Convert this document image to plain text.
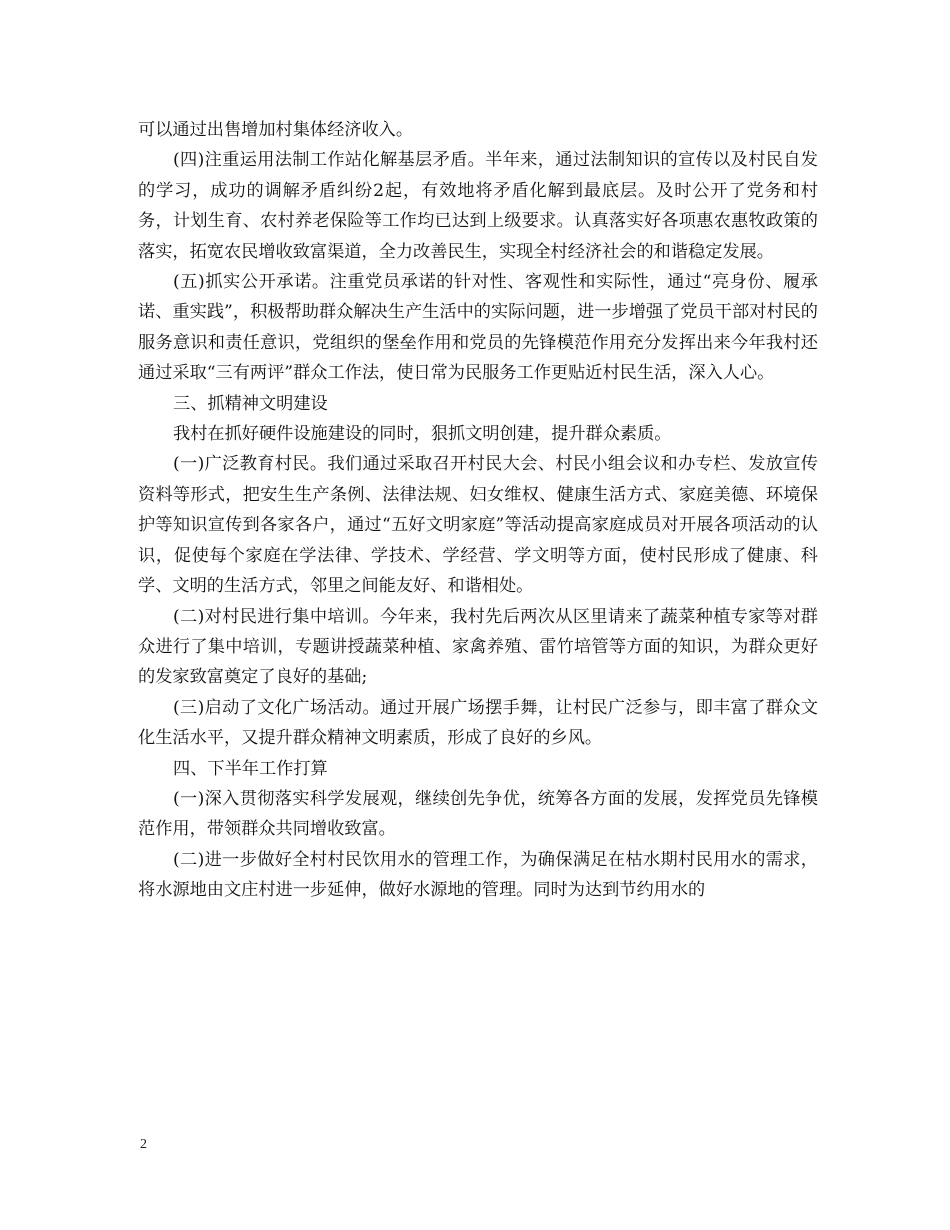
可以通过出售增加村集体经济收入。

(四)注重运用法制工作站化解基层矛盾。半年来，通过法制知识的宣传以及村民自发的学习，成功的调解矛盾纠纷2起，有效地将矛盾化解到最底层。及时公开了党务和村务，计划生育、农村养老保险等工作均已达到上级要求。认真落实好各项惠农惠牧政策的落实，拓宽农民增收致富渠道，全力改善民生，实现全村经济社会的和谐稳定发展。

(五)抓实公开承诺。注重党员承诺的针对性、客观性和实际性，通过“亮身份、履承诺、重实践”，积极帮助群众解决生产生活中的实际问题，进一步增强了党员干部对村民的服务意识和责任意识，党组织的堡垒作用和党员的先锋模范作用充分发挥出来今年我村还通过采取“三有两评”群众工作法，使日常为民服务工作更贴近村民生活，深入人心。

三、抓精神文明建设

我村在抓好硬件设施建设的同时，狠抓文明创建，提升群众素质。

(一)广泛教育村民。我们通过采取召开村民大会、村民小组会议和办专栏、发放宣传资料等形式，把安生生产条例、法律法规、妇女维权、健康生活方式、家庭美德、环境保护等知识宣传到各家各户，通过“五好文明家庭”等活动提高家庭成员对开展各项活动的认识，促使每个家庭在学法律、学技术、学经营、学文明等方面，使村民形成了健康、科学、文明的生活方式，邻里之间能友好、和谐相处。

(二)对村民进行集中培训。今年来，我村先后两次从区里请来了蔬菜种植专家等对群众进行了集中培训，专题讲授蔬菜种植、家禽养殖、雷竹培管等方面的知识，为群众更好的发家致富奠定了良好的基础;

(三)启动了文化广场活动。通过开展广场摆手舞，让村民广泛参与，即丰富了群众文化生活水平，又提升群众精神文明素质，形成了良好的乡风。

四、下半年工作打算

(一)深入贯彻落实科学发展观，继续创先争优，统筹各方面的发展，发挥党员先锋模范作用，带领群众共同增收致富。

(二)进一步做好全村村民饮用水的管理工作，为确保满足在枯水期村民用水的需求，将水源地由文庄村进一步延伸，做好水源地的管理。同时为达到节约用水的

2
